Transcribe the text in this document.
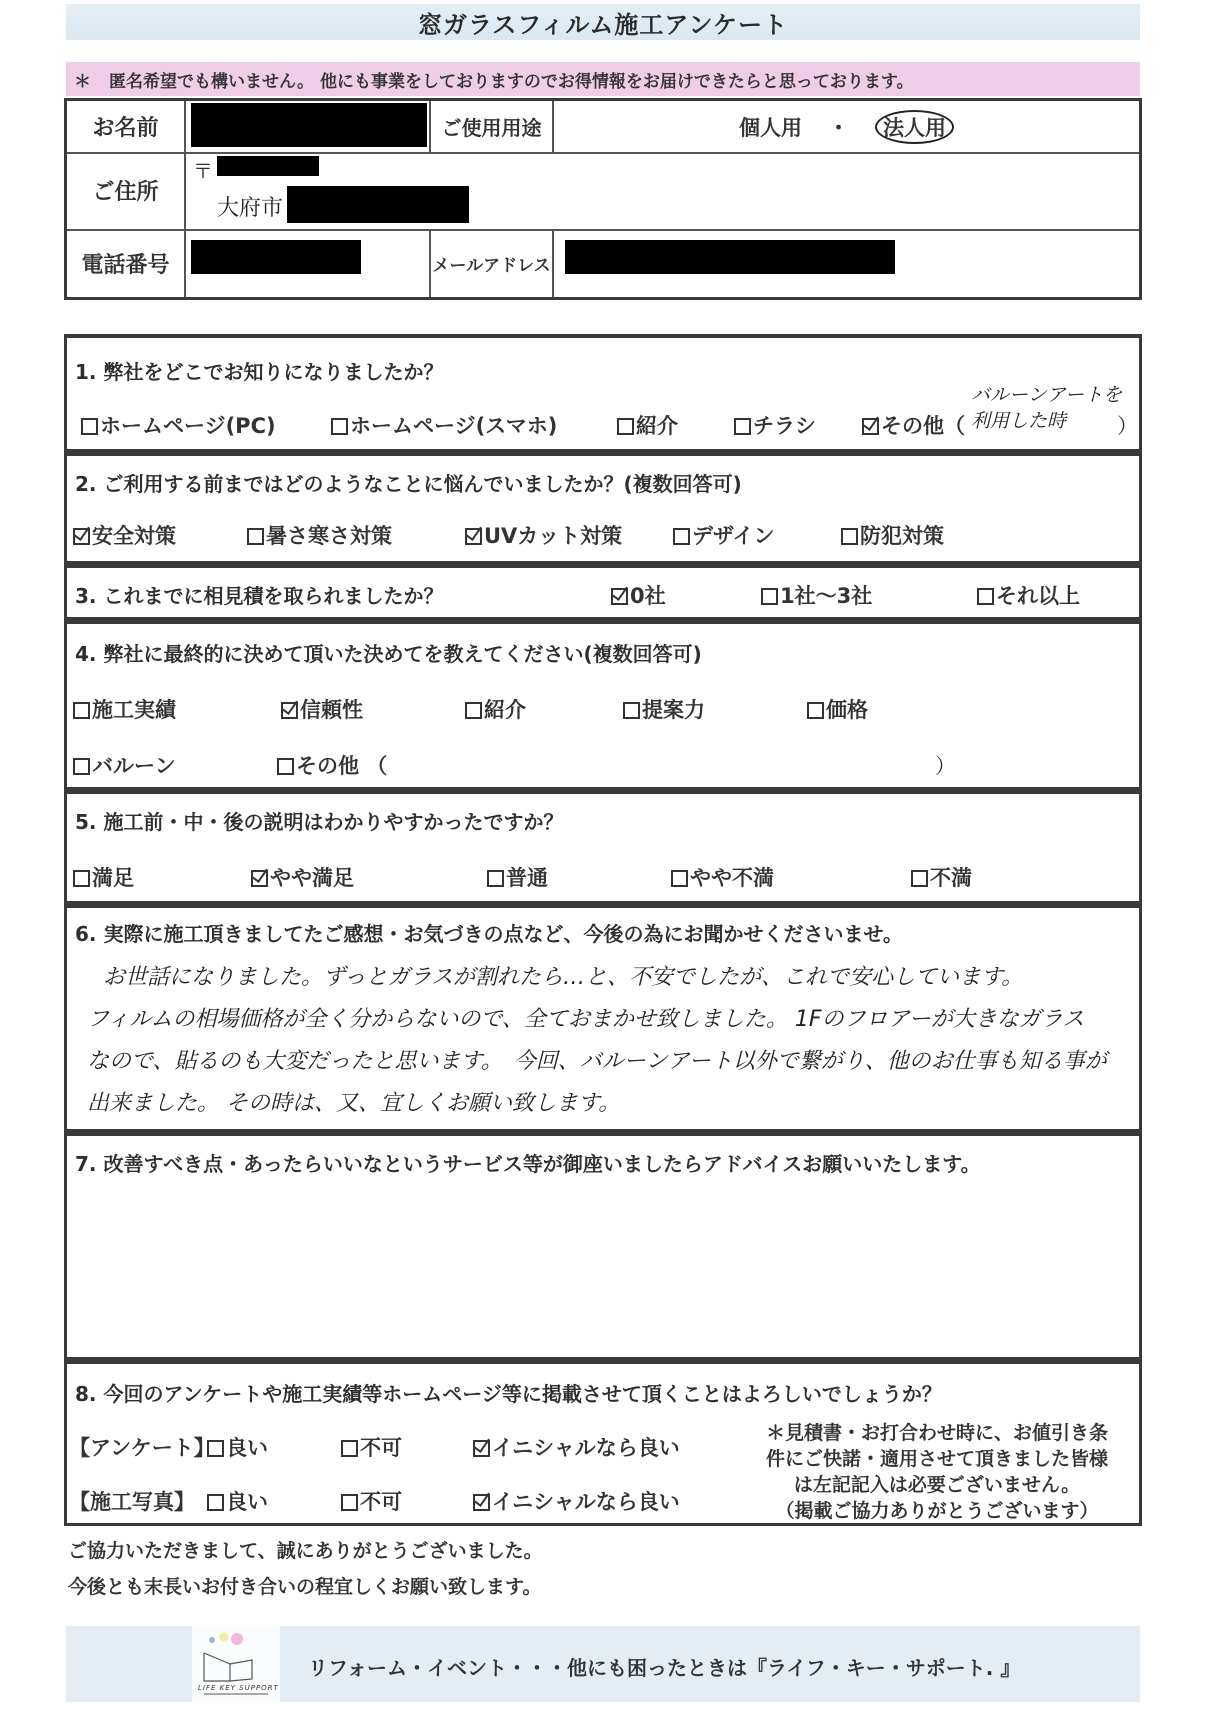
窓ガラスフィルム施工アンケート
＊ 匿名希望でも構いません。 他にも事業をしておりますのでお得情報をお届けできたらと思っております。
お名前	ご使用用途	個人用 ・	法人用
ご住所
〒
大府市
電話番号	メールアドレス
1. 弊社をどこでお知りになりましたか？
ホームページ(PC)	ホームページ(スマホ)	紹介	チラシ	その他（
バルーンアートを
利用した時	）
2. ご利用する前まではどのようなことに悩んでいましたか？(複数回答可)
安全対策	暑さ寒さ対策	UVカット対策	デザイン	防犯対策
3. これまでに相見積を取られましたか？	0社	1社～3社	それ以上
4. 弊社に最終的に決めて頂いた決めてを教えてください(複数回答可)
施工実績	信頼性	紹介	提案力	価格
バルーン	その他 （	）
5. 施工前・中・後の説明はわかりやすかったですか？
満足	やや満足	普通	やや不満	不満
6. 実際に施工頂きましてたご感想・お気づきの点など、今後の為にお聞かせくださいませ。
お世話になりました。ずっとガラスが割れたら…と、不安でしたが、これで安心しています。
フィルムの相場価格が全く分からないので、全ておまかせ致しました。 1Fのフロアーが大きなガラス
なので、貼るのも大変だったと思います。　今回、バルーンアート以外で繋がり、他のお仕事も知る事が
出来ました。 その時は、又、宜しくお願い致します。
7. 改善すべき点・あったらいいなというサービス等が御座いましたらアドバイスお願いいたします。
8. 今回のアンケートや施工実績等ホームページ等に掲載させて頂くことはよろしいでしょうか？
【アンケート】 良い	不可	イニシャルなら良い
【施工写真】 良い	不可	イニシャルなら良い
＊見積書・お打合わせ時に、お値引き条
件にご快諾・適用させて頂きました皆様
は左記記入は必要ございません。
（掲載ご協力ありがとうございます）
ご協力いただきまして、誠にありがとうございました。
今後とも末長いお付き合いの程宜しくお願い致します。
LIFE KEY SUPPORT
リフォーム・イベント・・・他にも困ったときは『ライフ・キー・サポート. 』
